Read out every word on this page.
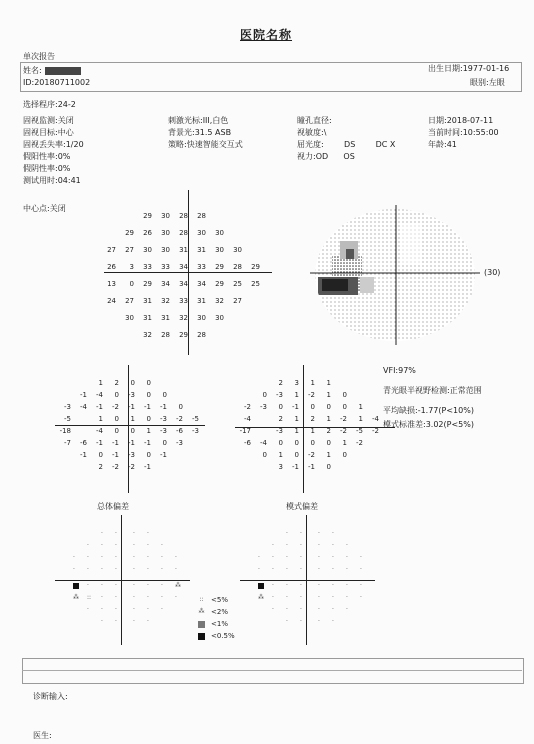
医院名称
单次报告
姓名:
ID:20180711002
出生日期:1977-01-16
眼别:左眼
选择程序:24-2
固视监测:关闭
固视目标:中心
固视丢失率:1/20
假阳性率:0%
假阴性率:0%
测试用时:04:41
刺激光标:III,白色
背景光:31.5 ASB
策略:快速智能交互式
瞳孔直径:
视敏度:\
屈光度:        DS        DC X
视力:OD      OS
日期:2018-07-11
当前时间:10:55:00
年龄:41
中心点:关闭
29	30	28	28
29	26	30	28	30	30
27	27	30	30	31	31	30	30
26	3	33	33	34	33	29	28	29
13	0	29	34	34	34	29	25	25
24	27	31	32	33	31	32	27
30	31	31	32	30	30
32	28	29	28
(30)
1	2	0	0
-1	-4	0	-3	0	0
-3	-4	-1	-2	-1	-1	-1	0
-5	1	0	1	0	-3	-2	-5
-18	-4	0	0	1	-3	-6	-3
-7	-6	-1	-1	-1	-1	0	-3
-1	0	-1	-3	0	-1
2	-2	-2	-1
2	3	1	1
0	-3	1	-2	1	0
-2	-3	0	-1	0	0	0	1
-4	2	1	2	1	-2	1	-4
-17	-3	1	1	2	-2	-5	-2
-6	-4	0	0	0	0	1	-2
0	1	0	-2	1	0
3	-1	-1	0
VFI:97%
青光眼半视野检测:正常范围
平均缺损:-1.77(P<10%)
模式标准差:3.02(P<5%)
总体偏差
· ·	· ·
· · ·	· · ·
· · · ·	· · · ·
· · · ·	· · · ·
· · ·	· · · ⁂
⁂ :: · ·	· · · ·
· · ·	· · ·
· ·	· ·
模式偏差
· ·	· ·
· · ·	· · ·
· · · ·	· · · ·
· · · ·	· · · ·
· · ·	· · · ·
⁂ · · ·	· · · ·
· · ·	· · ·
· ·	· ·
:: <5%
⁂ <2%
<1%
<0.5%
诊断输入:
医生:
